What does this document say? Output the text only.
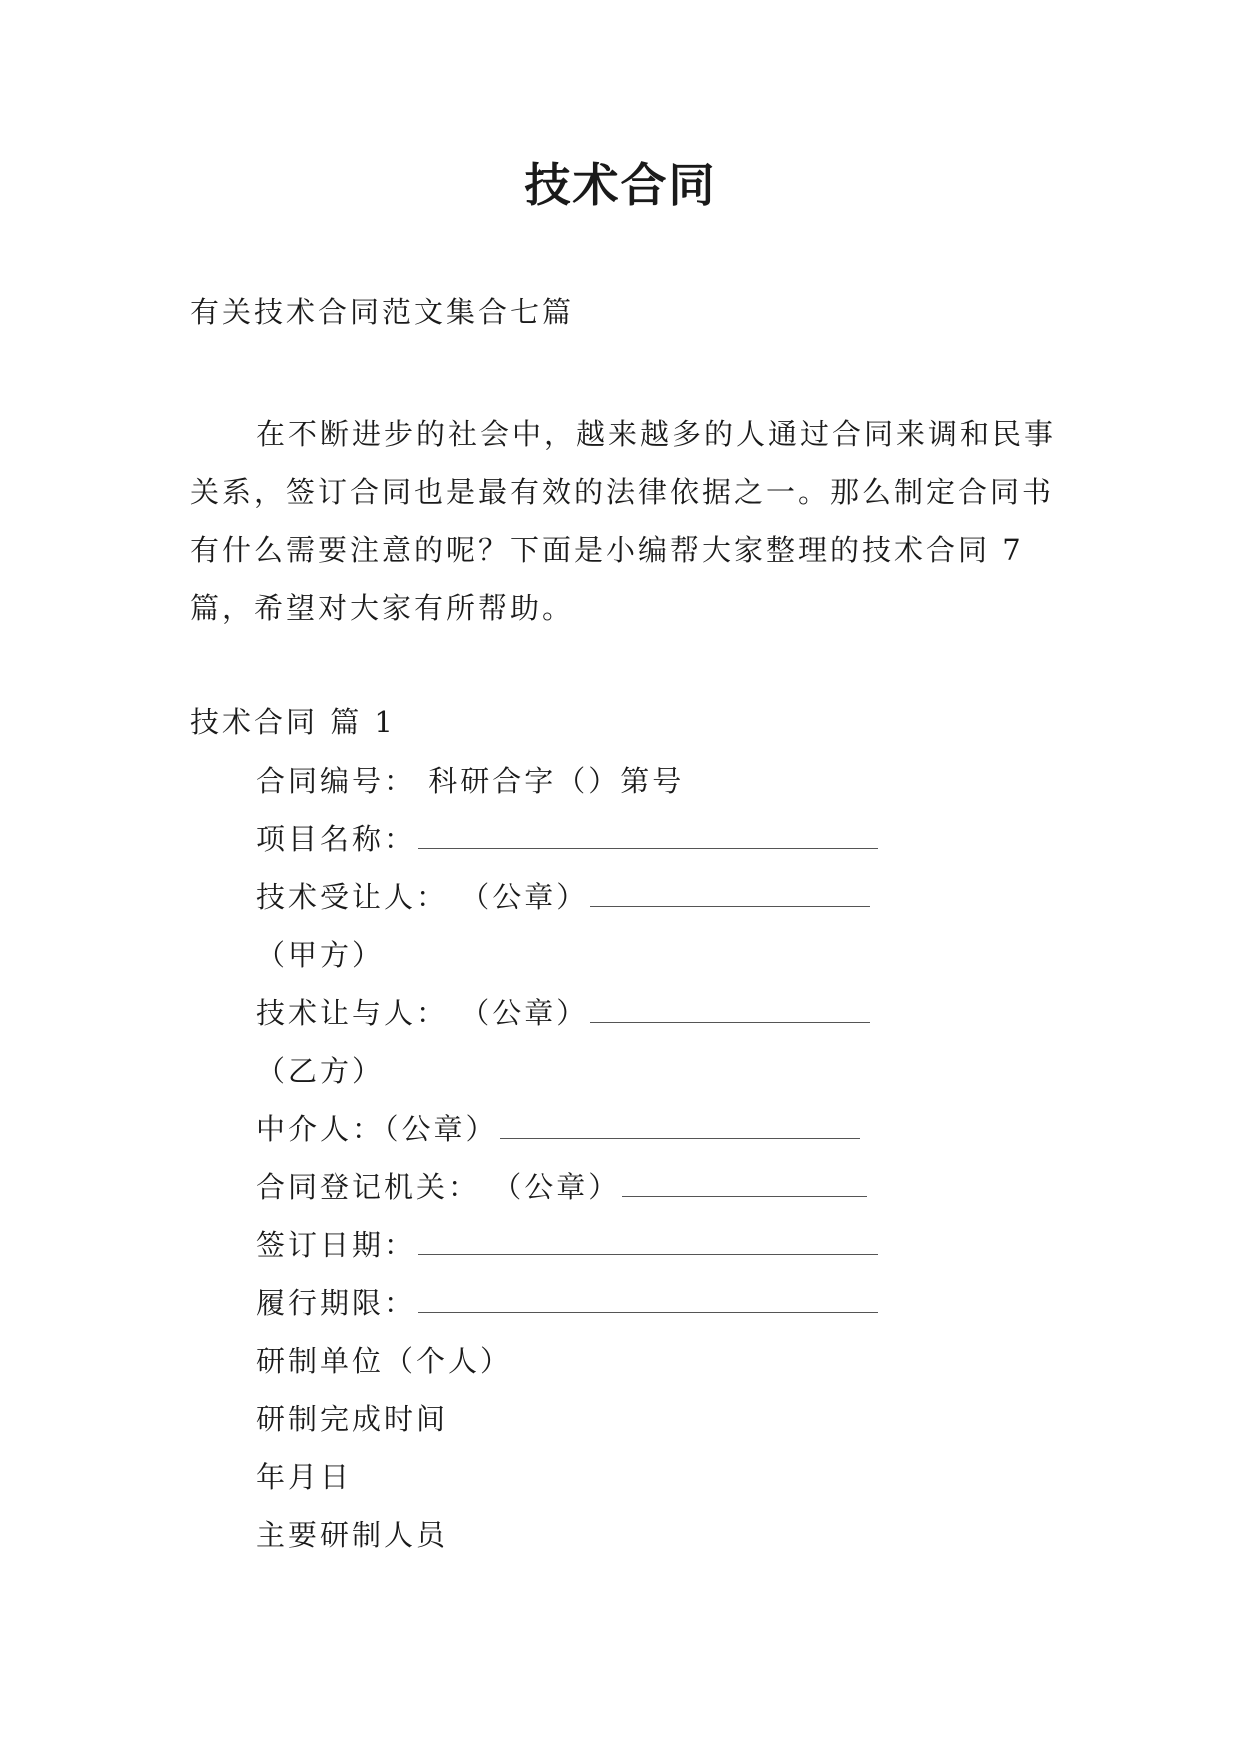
技术合同
有关技术合同范文集合七篇

在不断进步的社会中，越来越多的人通过合同来调和民事关系，签订合同也是最有效的法律依据之一。那么制定合同书有什么需要注意的呢？下面是小编帮大家整理的技术合同 7 篇，希望对大家有所帮助。

技术合同 篇 1
合同编号： 科研合字（）第号
项目名称：
技术受让人： （公章）
（甲方）
技术让与人： （公章）
（乙方）
中介人：（公章）
合同登记机关： （公章）
签订日期：
履行期限：
研制单位（个人）
研制完成时间
年月日
主要研制人员
